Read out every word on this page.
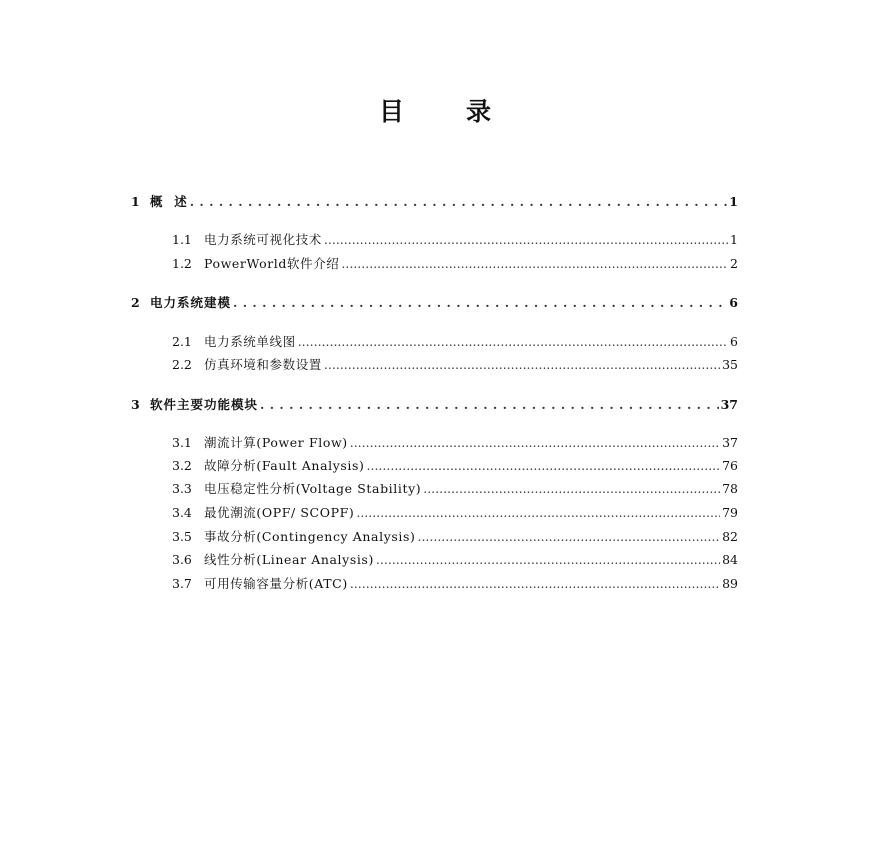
目 录
1 概  述 . . .	1
1.1 电力系统可视化技术 .....	1
1.2 PowerWorld软件介绍 .....	2
2 电力系统建模 . . .	6
2.1 电力系统单线图 .....	6
2.2 仿真环境和参数设置 .....	35
3 软件主要功能模块 . . .	37
3.1 潮流计算(Power Flow) .....	37
3.2 故障分析(Fault Analysis) .....	76
3.3 电压稳定性分析(Voltage Stability) .....	78
3.4 最优潮流(OPF/ SCOPF) .....	79
3.5 事故分析(Contingency Analysis) .....	82
3.6 线性分析(Linear Analysis) .....	84
3.7 可用传输容量分析(ATC) .....	89
